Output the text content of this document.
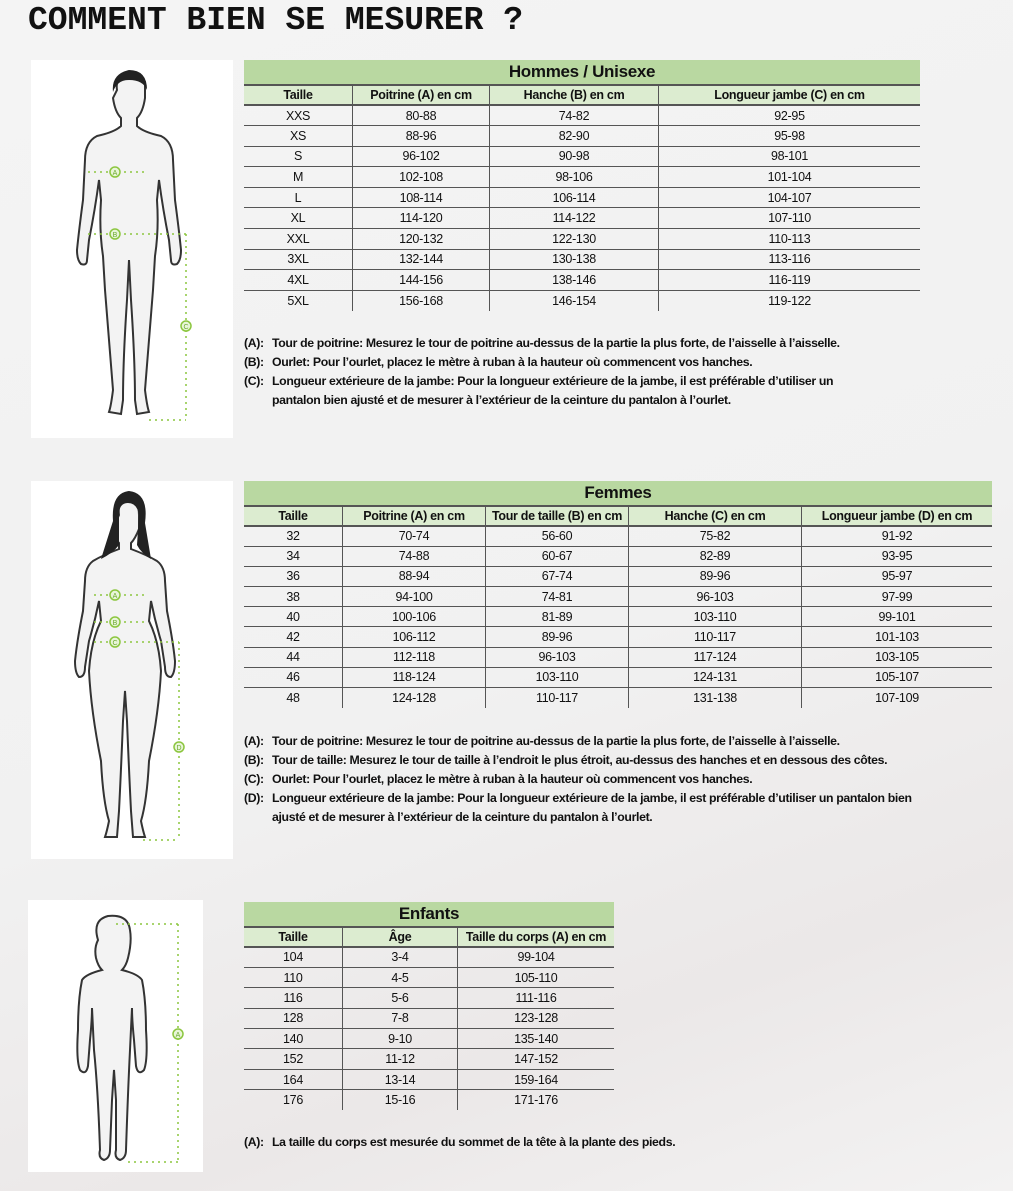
COMMENT BIEN SE MESURER ?
A
B
C
Hommes / Unisexe			
Taille	Poitrine (A) en cm	Hanche (B) en cm	Longueur jambe (C) en cm
XXS	80-88	74-82	92-95
XS	88-96	82-90	95-98
S	96-102	90-98	98-101
M	102-108	98-106	101-104
L	108-114	106-114	104-107
XL	114-120	114-122	107-110
XXL	120-132	122-130	110-113
3XL	132-144	130-138	113-116
4XL	144-156	138-146	116-119
5XL	156-168	146-154	119-122
(A): Tour de poitrine: Mesurez le tour de poitrine au-dessus de la partie la plus forte, de l’aisselle à l’aisselle.
(B): Ourlet: Pour l’ourlet, placez le mètre à ruban à la hauteur où commencent vos hanches.
(C): Longueur extérieure de la jambe: Pour la longueur extérieure de la jambe, il est préférable d’utiliser un pantalon bien ajusté et de mesurer à l’extérieur de la ceinture du pantalon à l’ourlet.
A
B
C
D
Femmes				
Taille	Poitrine (A) en cm	Tour de taille (B) en cm	Hanche (C) en cm	Longueur jambe (D) en cm
32	70-74	56-60	75-82	91-92
34	74-88	60-67	82-89	93-95
36	88-94	67-74	89-96	95-97
38	94-100	74-81	96-103	97-99
40	100-106	81-89	103-110	99-101
42	106-112	89-96	110-117	101-103
44	112-118	96-103	117-124	103-105
46	118-124	103-110	124-131	105-107
48	124-128	110-117	131-138	107-109
(A): Tour de poitrine: Mesurez le tour de poitrine au-dessus de la partie la plus forte, de l’aisselle à l’aisselle.
(B): Tour de taille: Mesurez le tour de taille à l’endroit le plus étroit, au-dessus des hanches et en dessous des côtes.
(C): Ourlet: Pour l’ourlet, placez le mètre à ruban à la hauteur où commencent vos hanches.
(D): Longueur extérieure de la jambe: Pour la longueur extérieure de la jambe, il est préférable d’utiliser un pantalon bien ajusté et de mesurer à l’extérieur de la ceinture du pantalon à l’ourlet.
A
Enfants		
Taille	Âge	Taille du corps (A) en cm
104	3-4	99-104
110	4-5	105-110
116	5-6	111-116
128	7-8	123-128
140	9-10	135-140
152	11-12	147-152
164	13-14	159-164
176	15-16	171-176
(A): La taille du corps est mesurée du sommet de la tête à la plante des pieds.
